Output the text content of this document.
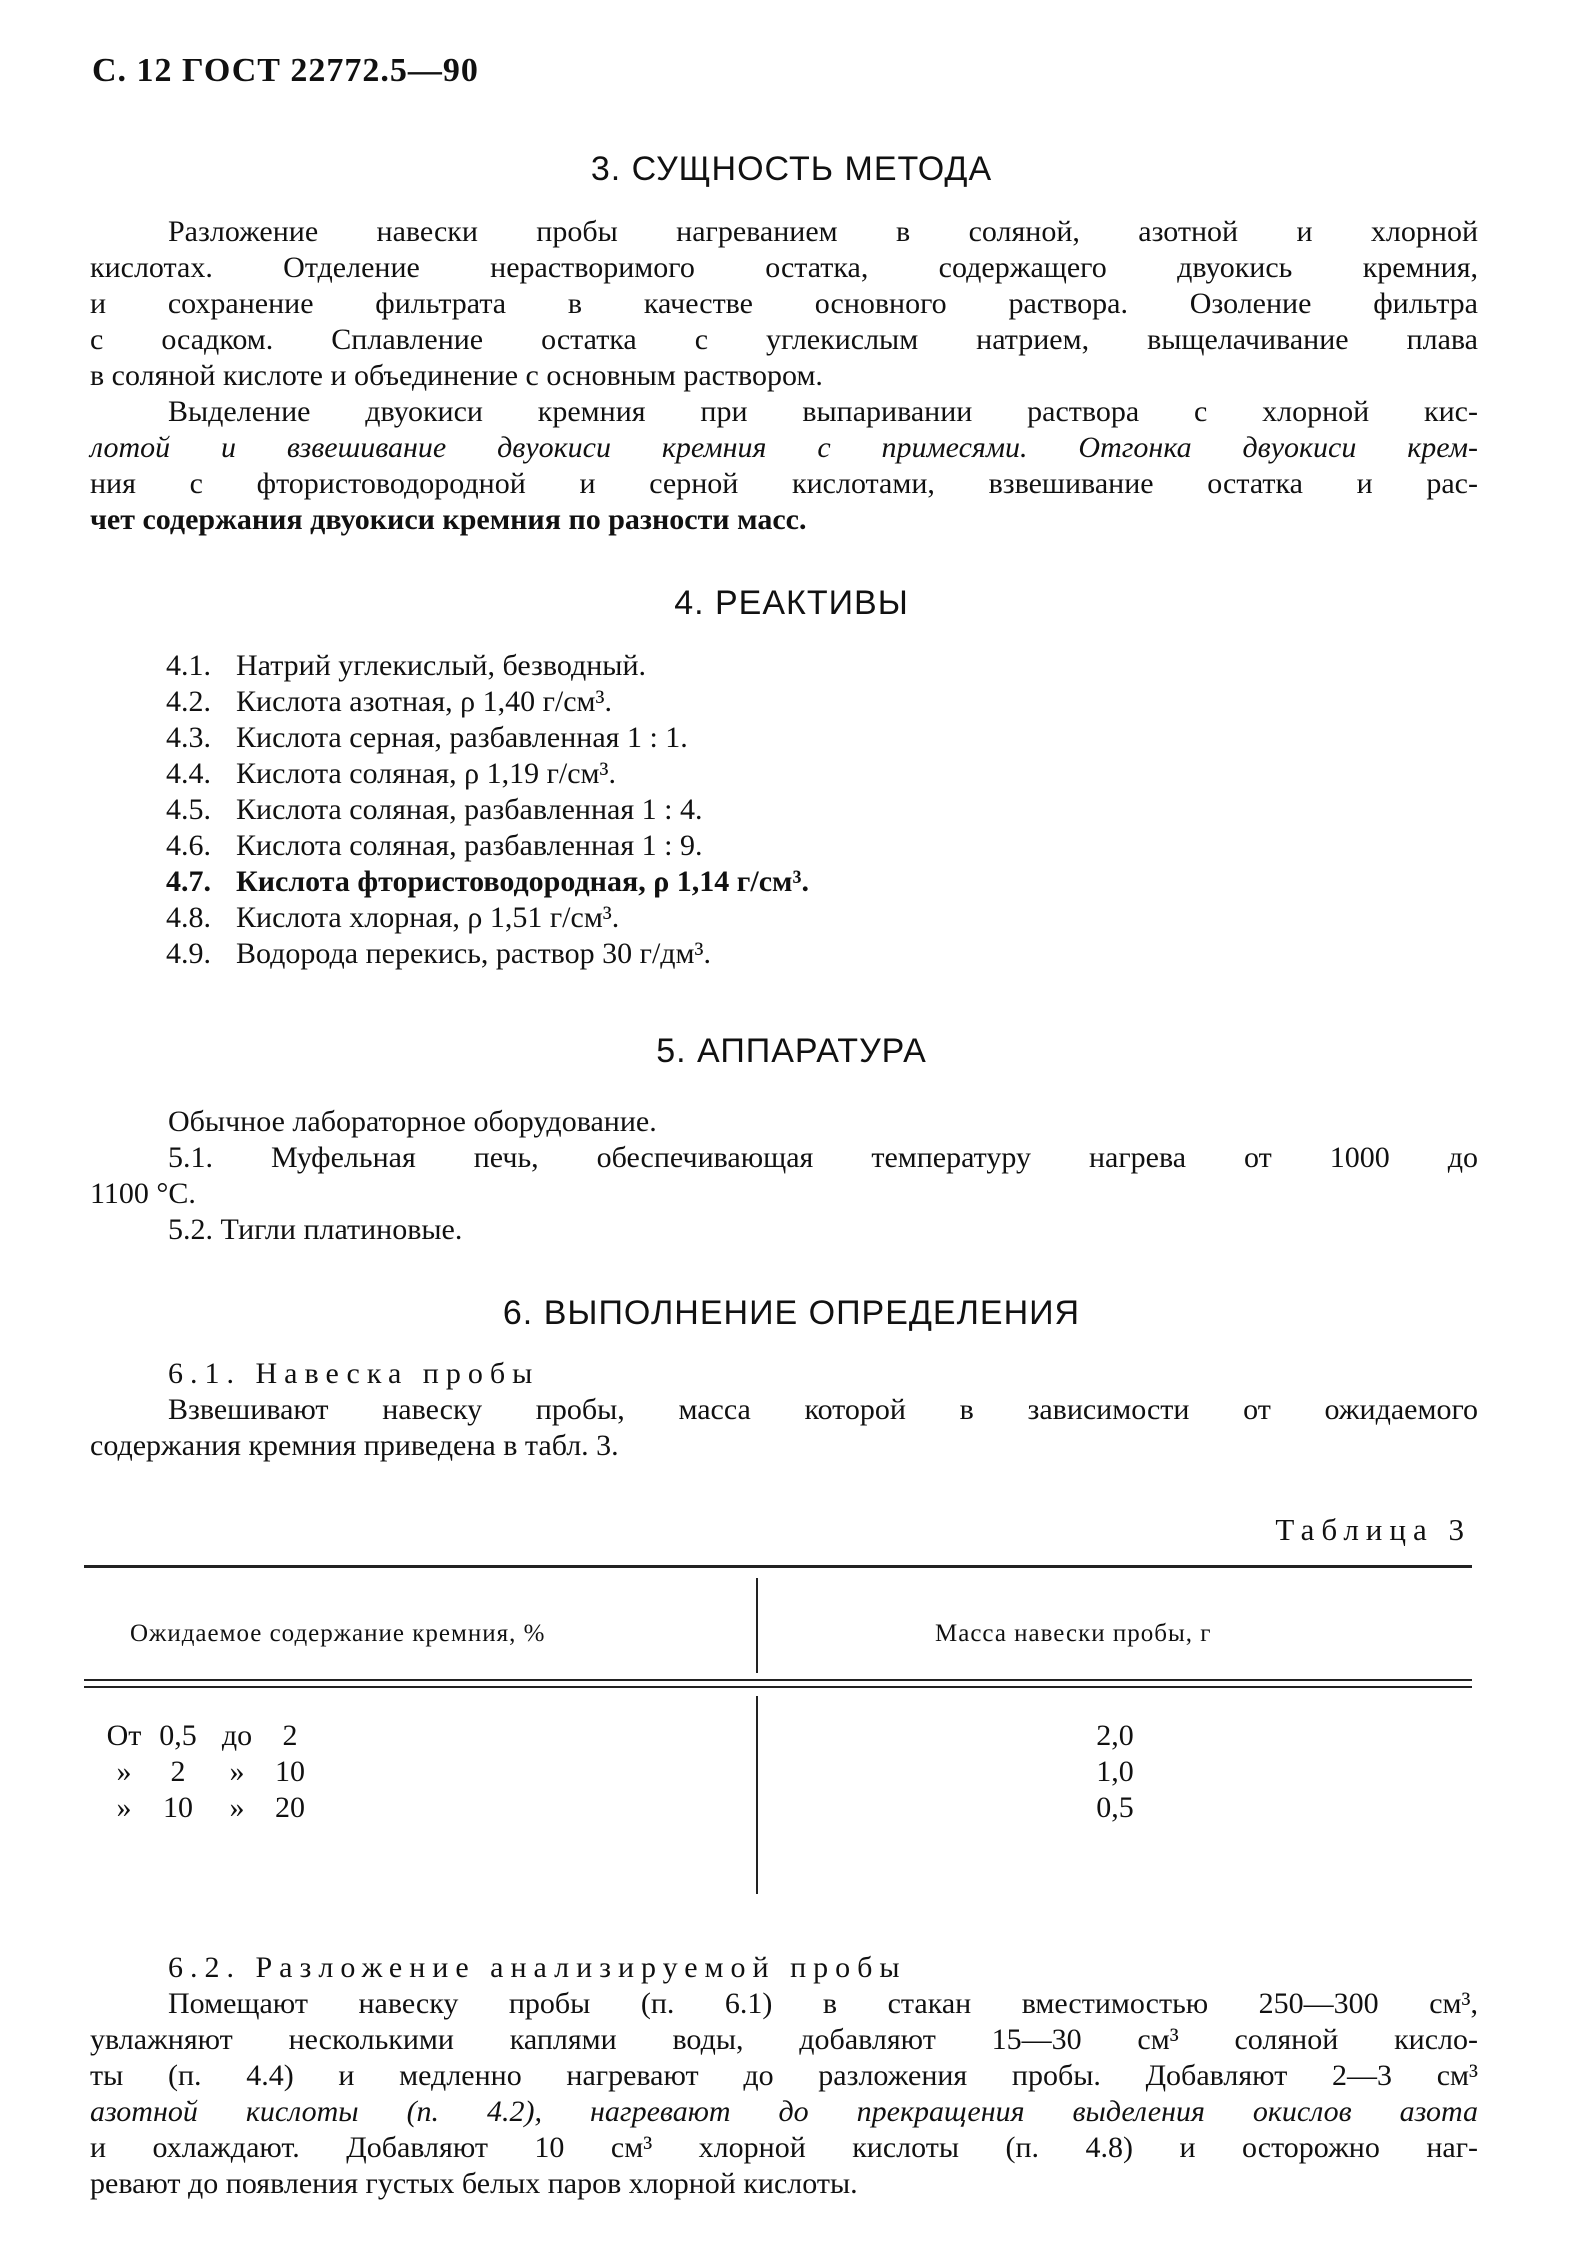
С. 12 ГОСТ 22772.5—90
3. СУЩНОСТЬ МЕТОДА
Разложение навески пробы нагреванием в соляной, азотной и хлорной
кислотах. Отделение нерастворимого остатка, содержащего двуокись кремния,
и сохранение фильтрата в качестве основного раствора. Озоление фильтра
с осадком. Сплавление остатка с углекислым натрием, выщелачивание плава
в соляной кислоте и объединение с основным раствором.
Выделение двуокиси кремния при выпаривании раствора с хлорной кис-
лотой и взвешивание двуокиси кремния с примесями. Отгонка двуокиси крем-
ния с фтористоводородной и серной кислотами, взвешивание остатка и рас-
чет содержания двуокиси кремния по разности масс.
4. РЕАКТИВЫ
4.1. Натрий углекислый, безводный.
4.2. Кислота азотная, ρ 1,40 г/см³.
4.3. Кислота серная, разбавленная 1 : 1.
4.4. Кислота соляная, ρ 1,19 г/см³.
4.5. Кислота соляная, разбавленная 1 : 4.
4.6. Кислота соляная, разбавленная 1 : 9.
4.7. Кислота фтористоводородная, ρ 1,14 г/см³.
4.8. Кислота хлорная, ρ 1,51 г/см³.
4.9. Водорода перекись, раствор 30 г/дм³.
5. АППАРАТУРА
Обычное лабораторное оборудование.
5.1. Муфельная печь, обеспечивающая температуру нагрева от 1000 до
1100 °С.
5.2. Тигли платиновые.
6. ВЫПОЛНЕНИЕ ОПРЕДЕЛЕНИЯ
6.1. Навеска пробы
Взвешивают навеску пробы, масса которой в зависимости от ожидаемого
содержания кремния приведена в табл. 3.
Таблица 3
Ожидаемое содержание кремния, %	Масса навески пробы, г
От 0,5 до 2
» 2 » 10
» 10 » 20
2,0
1,0
0,5
6.2. Разложение анализируемой пробы
Помещают навеску пробы (п. 6.1) в стакан вместимостью 250—300 см³,
увлажняют несколькими каплями воды, добавляют 15—30 см³ соляной кисло-
ты (п. 4.4) и медленно нагревают до разложения пробы. Добавляют 2—3 см³
азотной кислоты (п. 4.2), нагревают до прекращения выделения окислов азота
и охлаждают. Добавляют 10 см³ хлорной кислоты (п. 4.8) и осторожно наг-
ревают до появления густых белых паров хлорной кислоты.
